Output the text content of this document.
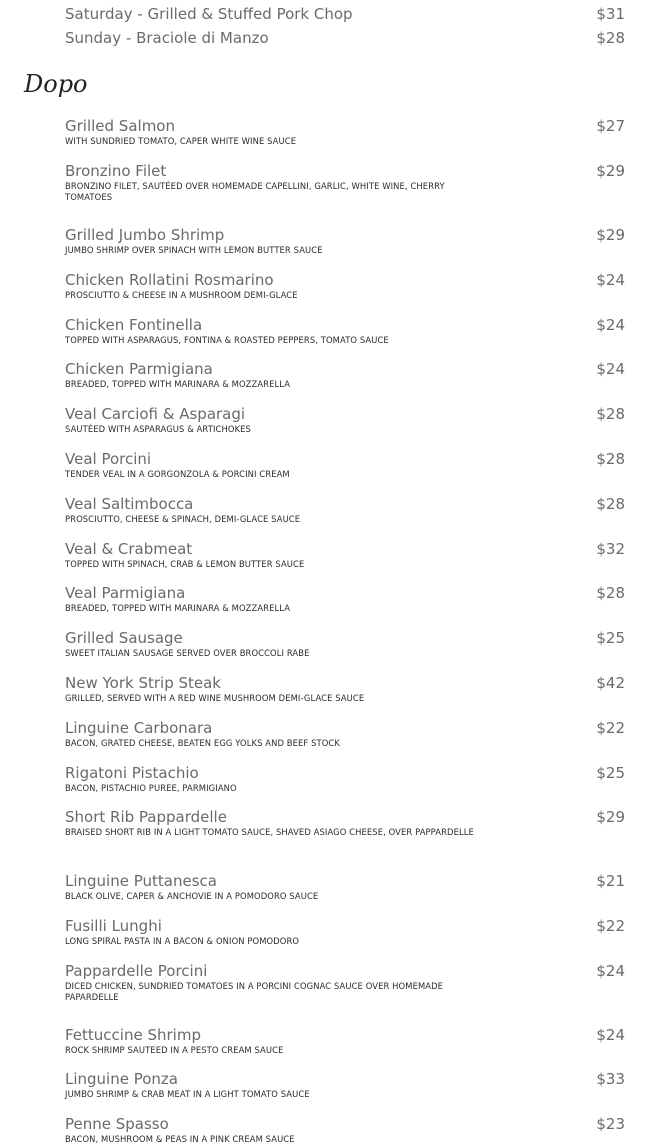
Saturday - Grilled & Stuffed Pork Chop	$31
Sunday - Braciole di Manzo	$28
Dopo
Grilled Salmon	$27
WITH SUNDRIED TOMATO, CAPER WHITE WINE SAUCE
Bronzino Filet	$29
BRONZINO FILET, SAUTÉED OVER HOMEMADE CAPELLINI, GARLIC, WHITE WINE, CHERRY TOMATOES
Grilled Jumbo Shrimp	$29
JUMBO SHRIMP OVER SPINACH WITH LEMON BUTTER SAUCE
Chicken Rollatini Rosmarino	$24
PROSCIUTTO & CHEESE IN A MUSHROOM DEMI-GLACE
Chicken Fontinella	$24
TOPPED WITH ASPARAGUS, FONTINA & ROASTED PEPPERS, TOMATO SAUCE
Chicken Parmigiana	$24
BREADED, TOPPED WITH MARINARA & MOZZARELLA
Veal Carciofi & Asparagi	$28
SAUTÉED WITH ASPARAGUS & ARTICHOKES
Veal Porcini	$28
TENDER VEAL IN A GORGONZOLA & PORCINI CREAM
Veal Saltimbocca	$28
PROSCIUTTO, CHEESE & SPINACH, DEMI-GLACE SAUCE
Veal & Crabmeat	$32
TOPPED WITH SPINACH, CRAB & LEMON BUTTER SAUCE
Veal Parmigiana	$28
BREADED, TOPPED WITH MARINARA & MOZZARELLA
Grilled Sausage	$25
SWEET ITALIAN SAUSAGE SERVED OVER BROCCOLI RABE
New York Strip Steak	$42
GRILLED, SERVED WITH A RED WINE MUSHROOM DEMI-GLACE SAUCE
Linguine Carbonara	$22
BACON, GRATED CHEESE, BEATEN EGG YOLKS AND BEEF STOCK
Rigatoni Pistachio	$25
BACON, PISTACHIO PUREE, PARMIGIANO
Short Rib Pappardelle	$29
BRAISED SHORT RIB IN A LIGHT TOMATO SAUCE, SHAVED ASIAGO CHEESE, OVER PAPPARDELLE
Linguine Puttanesca	$21
BLACK OLIVE, CAPER & ANCHOVIE IN A POMODORO SAUCE
Fusilli Lunghi	$22
LONG SPIRAL PASTA IN A BACON & ONION POMODORO
Pappardelle Porcini	$24
DICED CHICKEN, SUNDRIED TOMATOES IN A PORCINI COGNAC SAUCE OVER HOMEMADE PAPARDELLE
Fettuccine Shrimp	$24
ROCK SHRIMP SAUTEED IN A PESTO CREAM SAUCE
Linguine Ponza	$33
JUMBO SHRIMP & CRAB MEAT IN A LIGHT TOMATO SAUCE
Penne Spasso	$23
BACON, MUSHROOM & PEAS IN A PINK CREAM SAUCE
